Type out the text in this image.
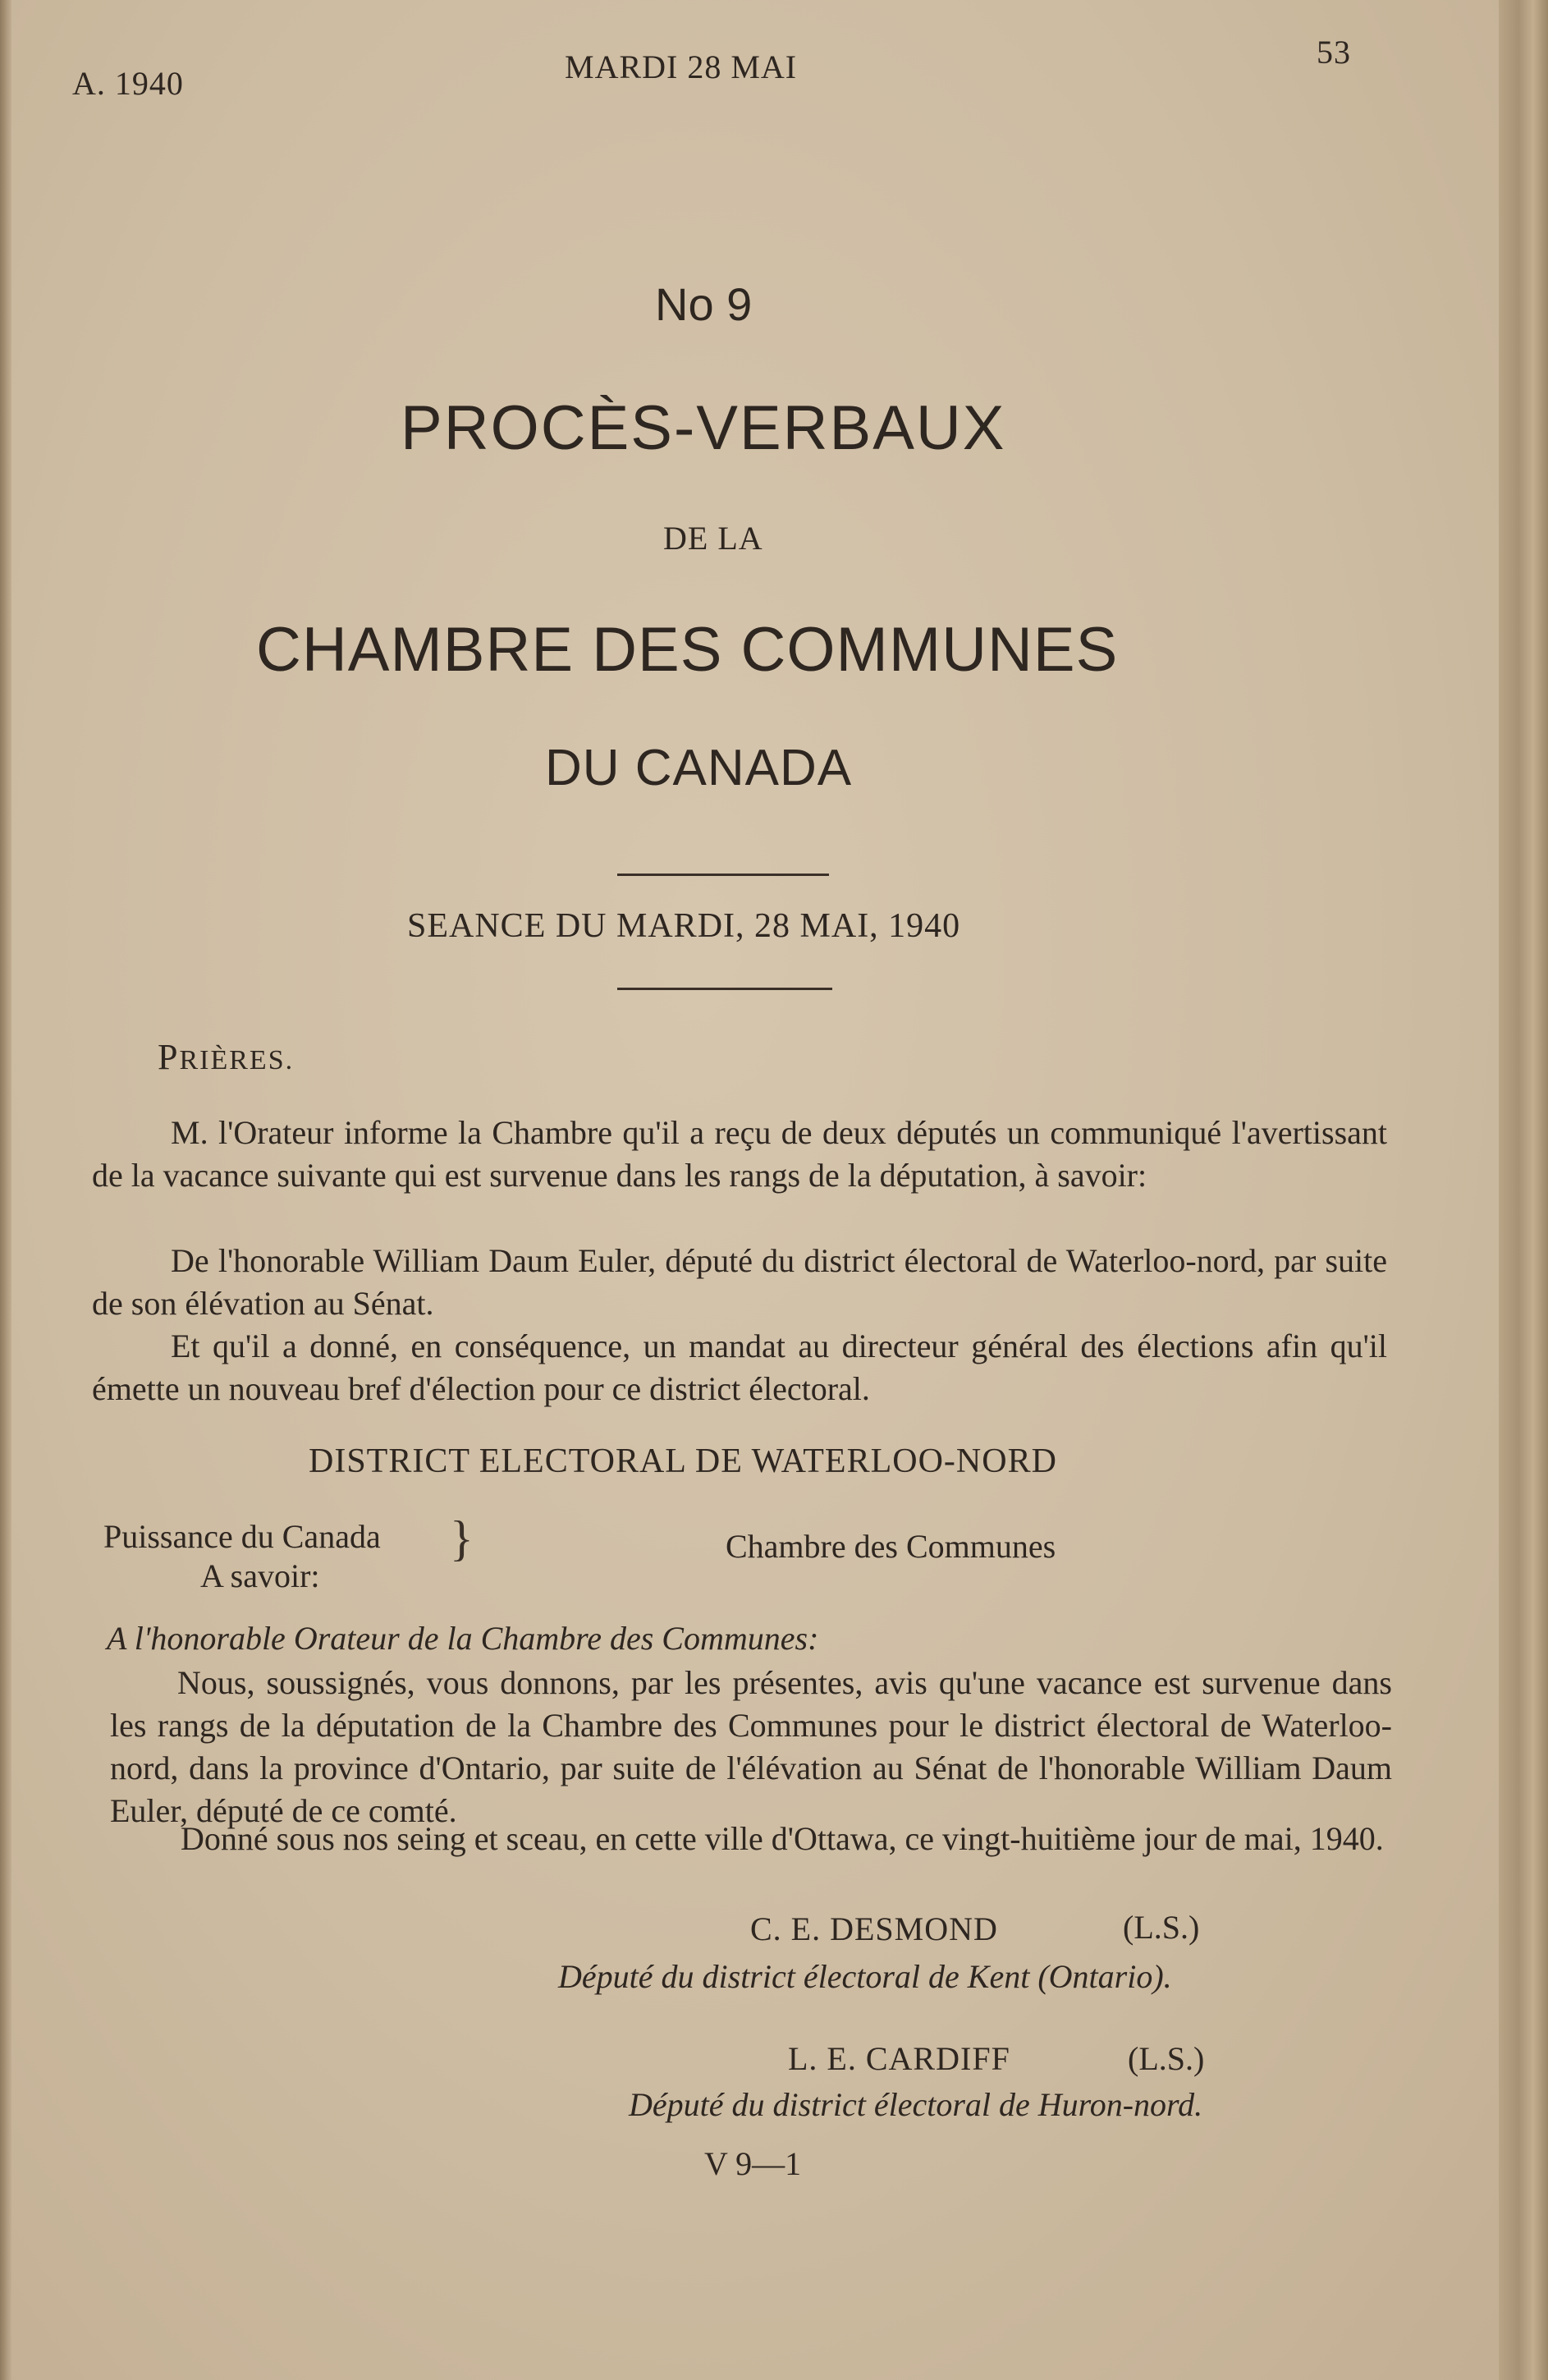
A. 1940	MARDI 28 MAI	53
No 9
PROCÈS-VERBAUX
DE LA
CHAMBRE DES COMMUNES
DU CANADA
SEANCE DU MARDI, 28 MAI, 1940
PRIÈRES.
M. l'Orateur informe la Chambre qu'il a reçu de deux députés un communiqué l'avertissant de la vacance suivante qui est survenue dans les rangs de la députation, à savoir:
De l'honorable William Daum Euler, député du district électoral de Waterloo-nord, par suite de son élévation au Sénat.
Et qu'il a donné, en conséquence, un mandat au directeur général des élections afin qu'il émette un nouveau bref d'élection pour ce district électoral.
DISTRICT ELECTORAL DE WATERLOO-NORD
Puissance du Canada
A savoir:
}	Chambre des Communes
A l'honorable Orateur de la Chambre des Communes:
Nous, soussignés, vous donnons, par les présentes, avis qu'une vacance est survenue dans les rangs de la députation de la Chambre des Communes pour le district électoral de Waterloo-nord, dans la province d'Ontario, par suite de l'élévation au Sénat de l'honorable William Daum Euler, député de ce comté.
Donné sous nos seing et sceau, en cette ville d'Ottawa, ce vingt-huitième jour de mai, 1940.
C. E. DESMOND	(L.S.)
Député du district électoral de Kent (Ontario).
L. E. CARDIFF	(L.S.)
Député du district électoral de Huron-nord.
V 9—1
